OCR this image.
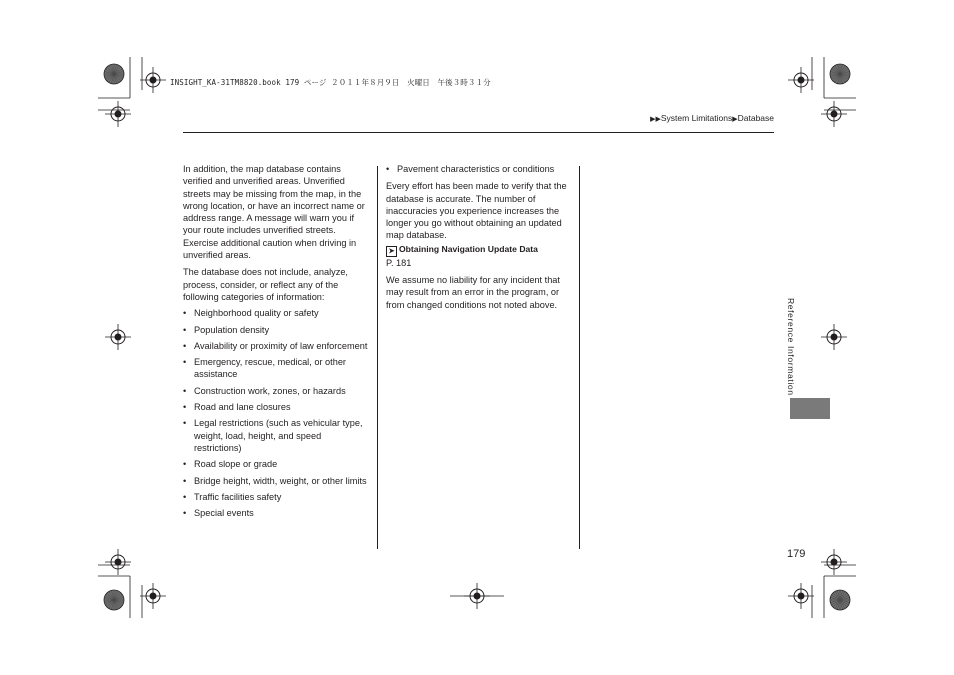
INSIGHT_KA-31TM8820.book 179 ページ ２０１１年８月９日　火曜日　午後３時３１分
▶▶System Limitations▶Database

In addition, the map database contains verified and unverified areas. Unverified streets may be missing from the map, in the wrong location, or have an incorrect name or address range. A message will warn you if your route includes unverified streets. Exercise additional caution when driving in unverified areas.

The database does not include, analyze, process, consider, or reflect any of the following categories of information:

• Neighborhood quality or safety
• Population density
• Availability or proximity of law enforcement
• Emergency, rescue, medical, or other assistance
• Construction work, zones, or hazards
• Road and lane closures
• Legal restrictions (such as vehicular type, weight, load, height, and speed restrictions)
• Road slope or grade
• Bridge height, width, weight, or other limits
• Traffic facilities safety
• Special events
• Pavement characteristics or conditions

Every effort has been made to verify that the database is accurate. The number of inaccuracies you experience increases the longer you go without obtaining an updated map database.

➤ Obtaining Navigation Update Data
P. 181

We assume no liability for any incident that may result from an error in the program, or from changed conditions not noted above.	Reference Information
179
